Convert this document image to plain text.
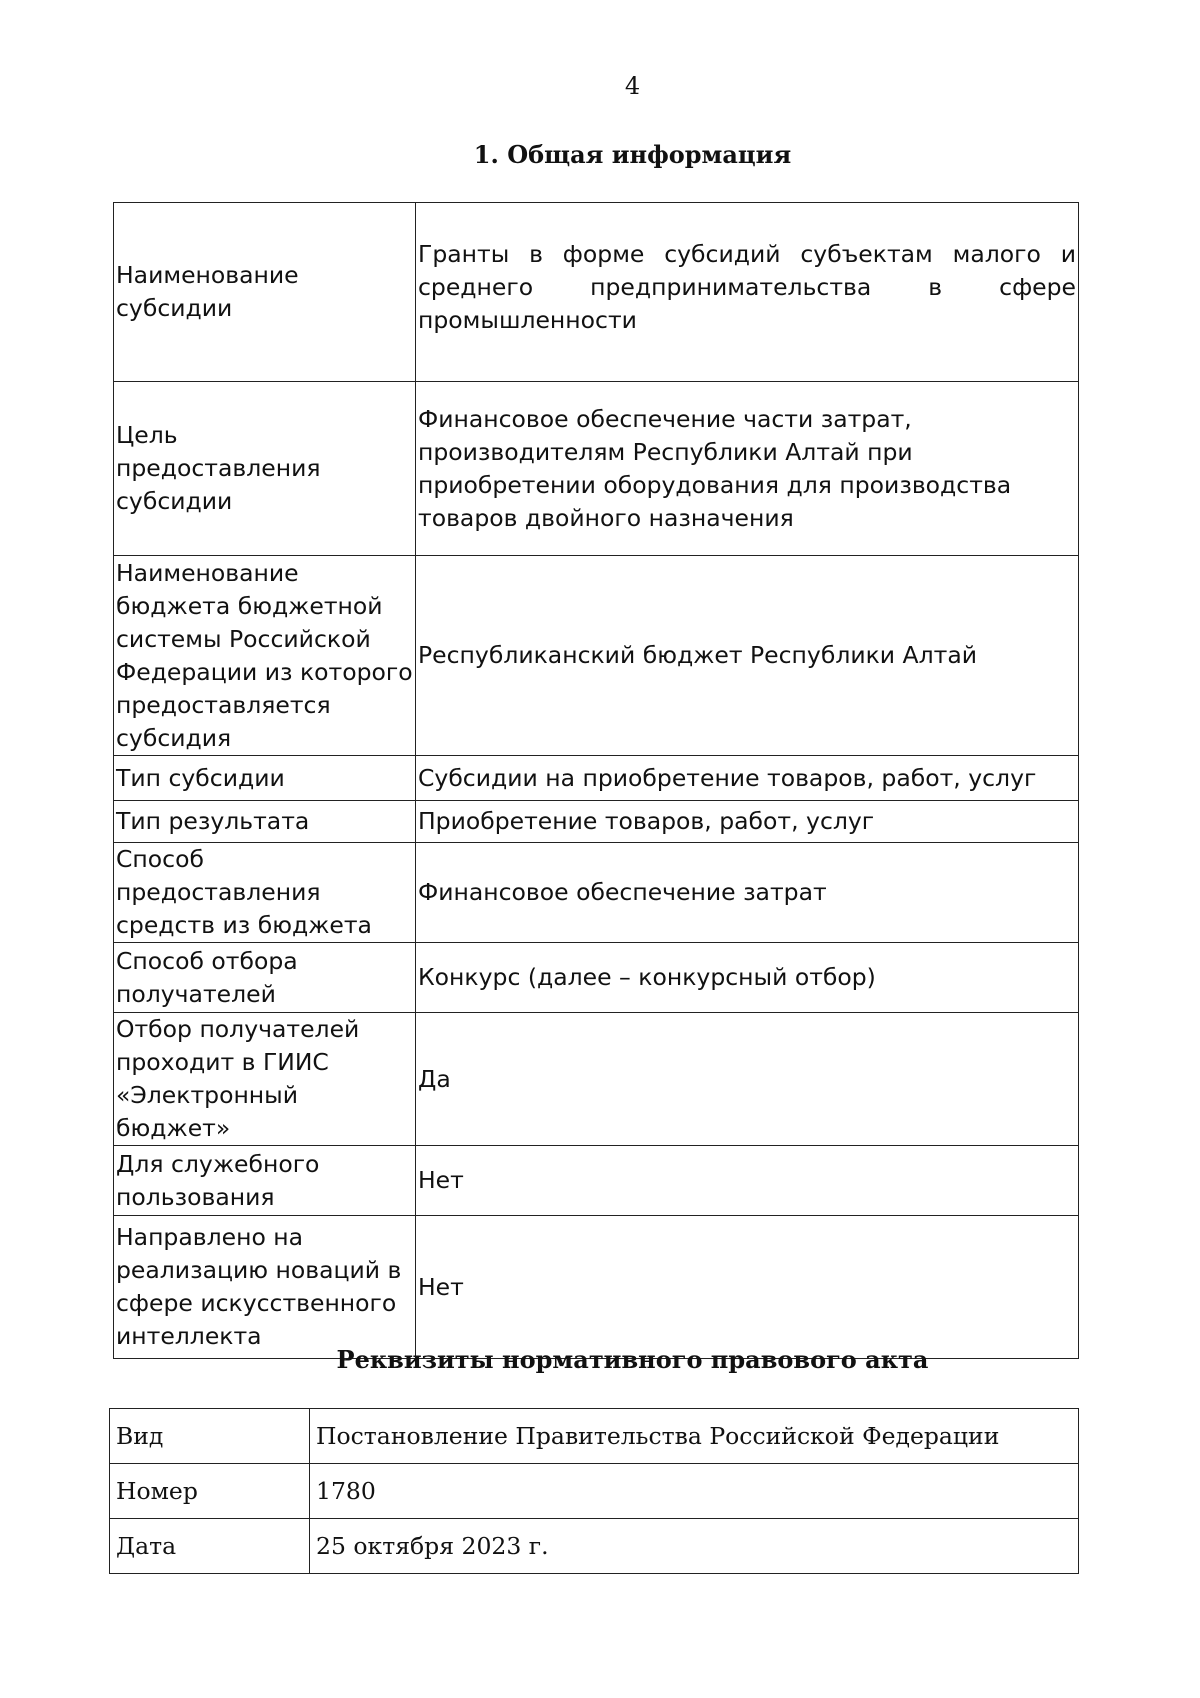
4
1. Общая информация
Наименование субсидии	Гранты в форме субсидий субъектам малого и среднего предпринимательства в сфере промышленности
Цель предоставления субсидии	Финансовое обеспечение части затрат, производителям Республики Алтай при приобретении оборудования для производства товаров двойного назначения
Наименование бюджета бюджетной системы Российской Федерации из которого предоставляется субсидия	Республиканский бюджет Республики Алтай
Тип субсидии	Субсидии на приобретение товаров, работ, услуг
Тип результата	Приобретение товаров, работ, услуг
Способ предоставления средств из бюджета	Финансовое обеспечение затрат
Способ отбора получателей	Конкурс (далее – конкурсный отбор)
Отбор получателей проходит в ГИИС «Электронный бюджет»	Да
Для служебного пользования	Нет
Направлено на реализацию новаций в сфере искусственного интеллекта	Нет
Реквизиты нормативного правового акта
Вид	Постановление Правительства Российской Федерации
Номер	1780
Дата	25 октября 2023 г.
